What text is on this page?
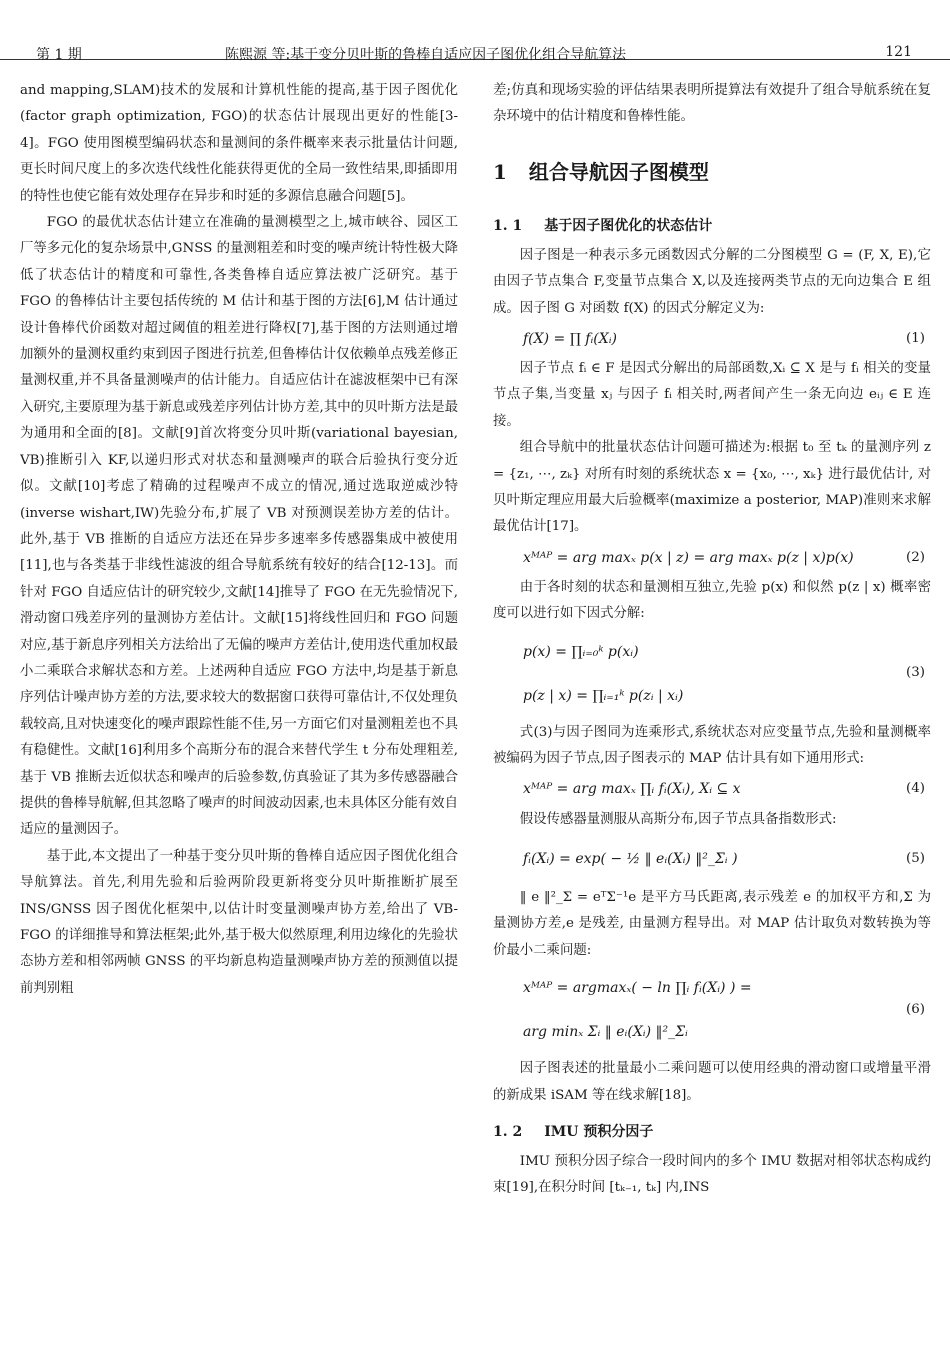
第 1 期	陈熙源 等:基于变分贝叶斯的鲁棒自适应因子图优化组合导航算法	121

and mapping,SLAM)技术的发展和计算机性能的提高,基于因子图优化(factor graph optimization, FGO)的状态估计展现出更好的性能[3-4]。FGO 使用图模型编码状态和量测间的条件概率来表示批量估计问题,更长时间尺度上的多次迭代线性化能获得更优的全局一致性结果,即插即用的特性也使它能有效处理存在异步和时延的多源信息融合问题[5]。

FGO 的最优状态估计建立在准确的量测模型之上,城市峡谷、园区工厂等多元化的复杂场景中,GNSS 的量测粗差和时变的噪声统计特性极大降低了状态估计的精度和可靠性,各类鲁棒自适应算法被广泛研究。基于 FGO 的鲁棒估计主要包括传统的 M 估计和基于图的方法[6],M 估计通过设计鲁棒代价函数对超过阈值的粗差进行降权[7],基于图的方法则通过增加额外的量测权重约束到因子图进行抗差,但鲁棒估计仅依赖单点残差修正量测权重,并不具备量测噪声的估计能力。自适应估计在滤波框架中已有深入研究,主要原理为基于新息或残差序列估计协方差,其中的贝叶斯方法是最为通用和全面的[8]。文献[9]首次将变分贝叶斯(variational bayesian, VB)推断引入 KF,以递归形式对状态和量测噪声的联合后验执行变分近似。文献[10]考虑了精确的过程噪声不成立的情况,通过选取逆威沙特(inverse wishart,IW)先验分布,扩展了 VB 对预测误差协方差的估计。此外,基于 VB 推断的自适应方法还在异步多速率多传感器集成中被使用[11],也与各类基于非线性滤波的组合导航系统有较好的结合[12-13]。而针对 FGO 自适应估计的研究较少,文献[14]推导了 FGO 在无先验情况下,滑动窗口残差序列的量测协方差估计。文献[15]将线性回归和 FGO 问题对应,基于新息序列相关方法给出了无偏的噪声方差估计,使用迭代重加权最小二乘联合求解状态和方差。上述两种自适应 FGO 方法中,均是基于新息序列估计噪声协方差的方法,要求较大的数据窗口获得可靠估计,不仅处理负载较高,且对快速变化的噪声跟踪性能不佳,另一方面它们对量测粗差也不具有稳健性。文献[16]利用多个高斯分布的混合来替代学生 t 分布处理粗差,基于 VB 推断去近似状态和噪声的后验参数,仿真验证了其为多传感器融合提供的鲁棒导航解,但其忽略了噪声的时间波动因素,也未具体区分能有效自适应的量测因子。

基于此,本文提出了一种基于变分贝叶斯的鲁棒自适应因子图优化组合导航算法。首先,利用先验和后验两阶段更新将变分贝叶斯推断扩展至 INS/GNSS 因子图优化框架中,以估计时变量测噪声协方差,给出了 VB-FGO 的详细推导和算法框架;此外,基于极大似然原理,利用边缘化的先验状态协方差和相邻两帧 GNSS 的平均新息构造量测噪声协方差的预测值以提前判别粗

差;仿真和现场实验的评估结果表明所提算法有效提升了组合导航系统在复杂环境中的估计精度和鲁棒性能。

1 组合导航因子图模型
1. 1 基于因子图优化的状态估计

因子图是一种表示多元函数因式分解的二分图模型 G = (F, X, E),它由因子节点集合 F,变量节点集合 X,以及连接两类节点的无向边集合 E 组成。因子图 G 对函数 f(X) 的因式分解定义为:

f(X) = ∏ fᵢ(Xᵢ)	(1)

因子节点 fᵢ ∈ F 是因式分解出的局部函数,Xᵢ ⊆ X 是与 fᵢ 相关的变量节点子集,当变量 xⱼ 与因子 fᵢ 相关时,两者间产生一条无向边 eᵢⱼ ∈ E 连接。

组合导航中的批量状态估计问题可描述为:根据 t₀ 至 tₖ 的量测序列 z = {z₁, ⋯, zₖ} 对所有时刻的系统状态 x = {x₀, ⋯, xₖ} 进行最优估计, 对贝叶斯定理应用最大后验概率(maximize a posterior, MAP)准则来求解最优估计[17]。

xᴹᴬᴾ = arg maxₓ p(x | z) = arg maxₓ p(z | x)p(x)	(2)

由于各时刻的状态和量测相互独立,先验 p(x) 和似然 p(z | x) 概率密度可以进行如下因式分解:

p(x) = ∏ᵢ₌₀ᵏ p(xᵢ)
p(z | x) = ∏ᵢ₌₁ᵏ p(zᵢ | xᵢ)
(3)

式(3)与因子图同为连乘形式,系统状态对应变量节点,先验和量测概率被编码为因子节点,因子图表示的 MAP 估计具有如下通用形式:

xᴹᴬᴾ = arg maxₓ ∏ᵢ fᵢ(Xᵢ), Xᵢ ⊆ x	(4)

假设传感器量测服从高斯分布,因子节点具备指数形式:

fᵢ(Xᵢ) = exp( − ½ ‖ eᵢ(Xᵢ) ‖²_Σᵢ )	(5)

‖ e ‖²_Σ = eᵀΣ⁻¹e 是平方马氏距离,表示残差 e 的加权平方和,Σ 为量测协方差,e 是残差, 由量测方程导出。对 MAP 估计取负对数转换为等价最小二乘问题:

xᴹᴬᴾ = argmaxₓ( − ln ∏ᵢ fᵢ(Xᵢ) ) =
arg minₓ Σᵢ ‖ eᵢ(Xᵢ) ‖²_Σᵢ
(6)

因子图表述的批量最小二乘问题可以使用经典的滑动窗口或增量平滑的新成果 iSAM 等在线求解[18]。

1. 2 IMU 预积分因子

IMU 预积分因子综合一段时间内的多个 IMU 数据对相邻状态构成约束[19],在积分时间 [tₖ₋₁, tₖ] 内,INS
